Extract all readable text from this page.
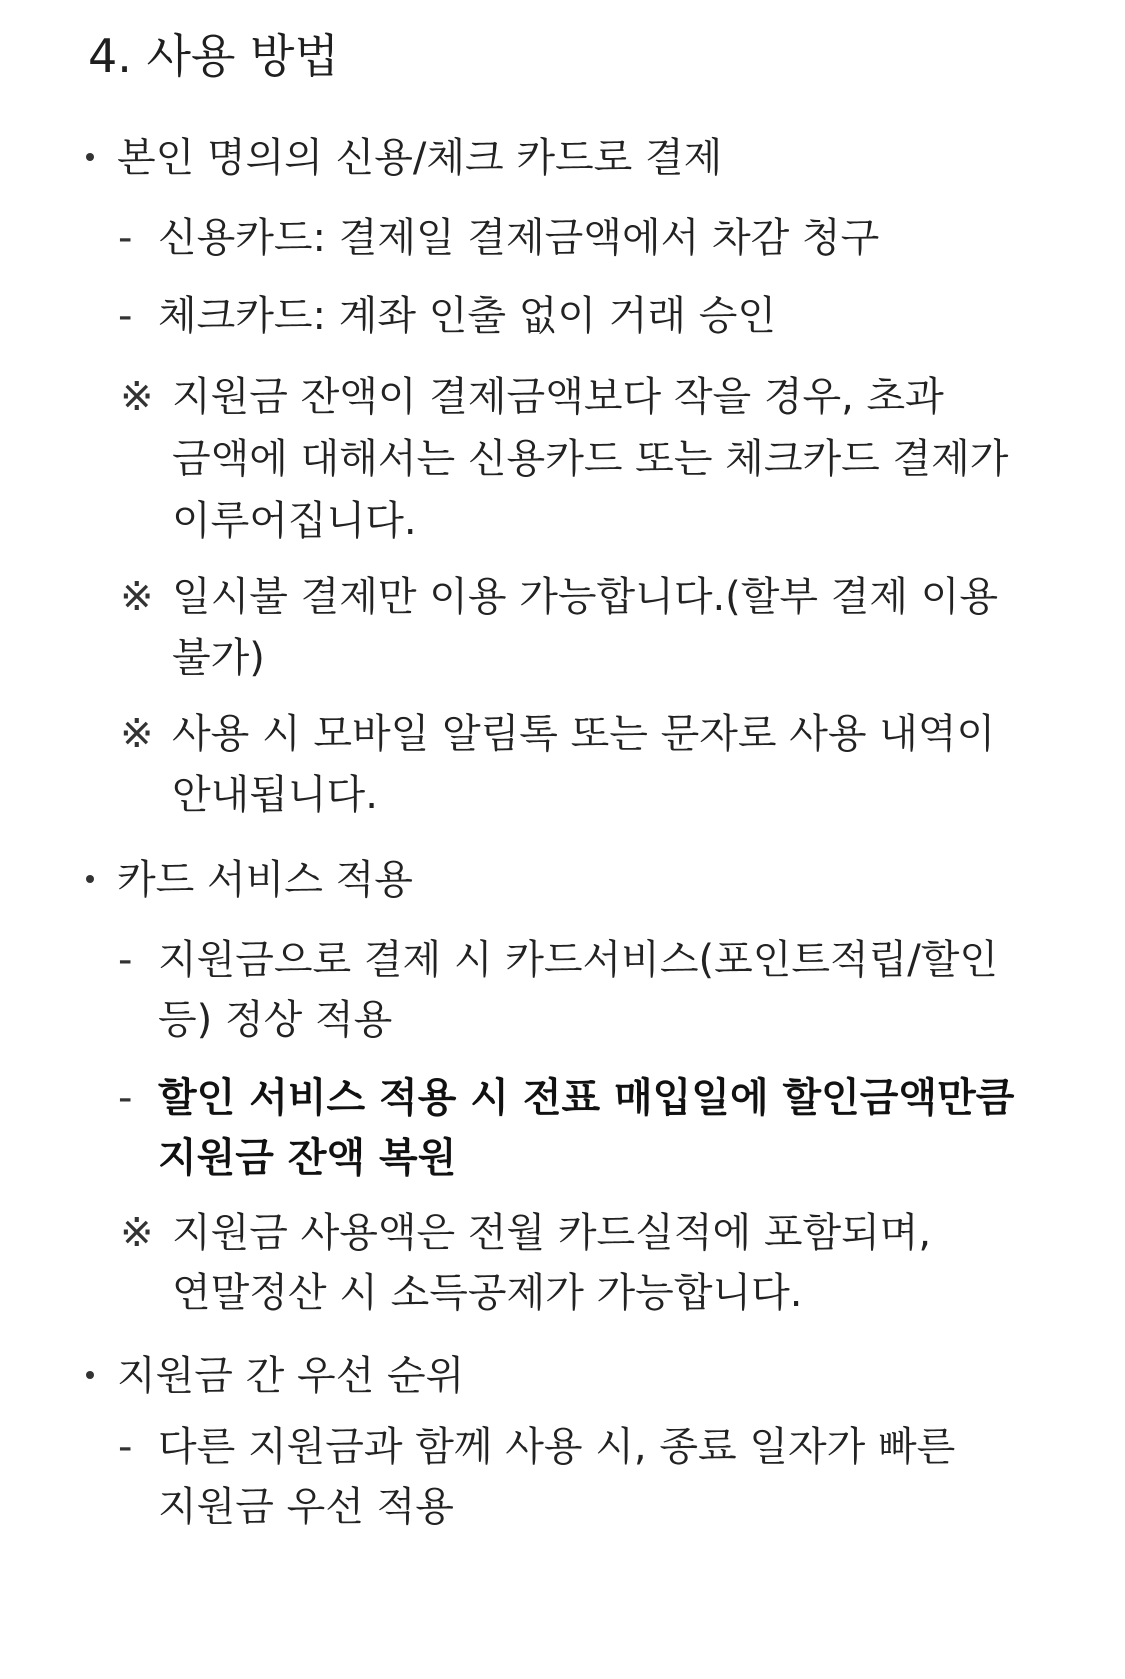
4. 사용 방법
본인 명의의 신용/체크 카드로 결제
- 신용카드: 결제일 결제금액에서 차감 청구
- 체크카드: 계좌 인출 없이 거래 승인
※ 지원금 잔액이 결제금액보다 작을 경우, 초과
금액에 대해서는 신용카드 또는 체크카드 결제가
이루어집니다.
※ 일시불 결제만 이용 가능합니다.(할부 결제 이용
불가)
※ 사용 시 모바일 알림톡 또는 문자로 사용 내역이
안내됩니다.
카드 서비스 적용
- 지원금으로 결제 시 카드서비스(포인트적립/할인
등) 정상 적용
- 할인 서비스 적용 시 전표 매입일에 할인금액만큼
지원금 잔액 복원
※ 지원금 사용액은 전월 카드실적에 포함되며,
연말정산 시 소득공제가 가능합니다.
지원금 간 우선 순위
- 다른 지원금과 함께 사용 시, 종료 일자가 빠른
지원금 우선 적용
